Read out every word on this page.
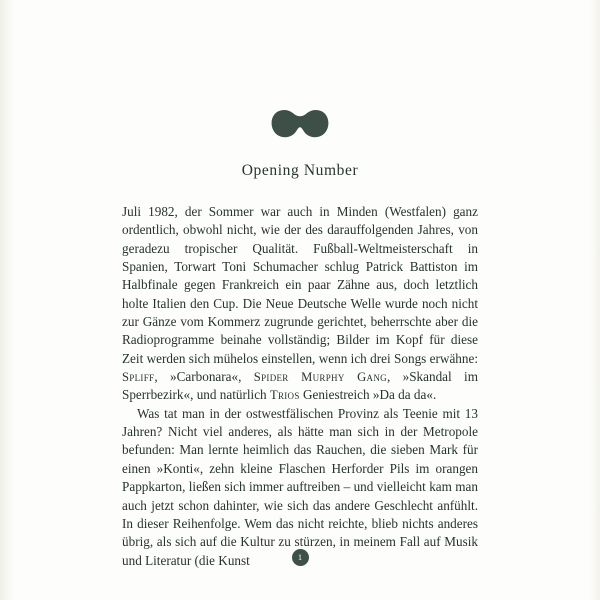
Opening Number

Juli 1982, der Sommer war auch in Minden (Westfalen) ganz ordentlich, obwohl nicht, wie der des darauffolgenden Jahres, von geradezu tropischer Qualität. Fußball-Weltmeisterschaft in Spanien, Torwart Toni Schumacher schlug Patrick Battiston im Halbfinale gegen Frankreich ein paar Zähne aus, doch letztlich holte Italien den Cup. Die Neue Deutsche Welle wurde noch nicht zur Gänze vom Kommerz zugrunde gerichtet, beherrschte aber die Radioprogramme beinahe vollständig; Bilder im Kopf für diese Zeit werden sich mühelos einstellen, wenn ich drei Songs erwähne: Spliff, »Carbonara«, Spider Murphy Gang, »Skandal im Sperrbezirk«, und natürlich Trios Geniestreich »Da da da«.

Was tat man in der ostwestfälischen Provinz als Teenie mit 13 Jahren? Nicht viel anderes, als hätte man sich in der Metropole befunden: Man lernte heimlich das Rauchen, die sieben Mark für einen »Konti«, zehn kleine Flaschen Herforder Pils im orangen Pappkarton, ließen sich immer auftreiben – und vielleicht kam man auch jetzt schon dahinter, wie sich das andere Geschlecht anfühlt. In dieser Reihenfolge. Wem das nicht reichte, blieb nichts anderes übrig, als sich auf die Kultur zu stürzen, in meinem Fall auf Musik und Literatur (die Kunst	1
